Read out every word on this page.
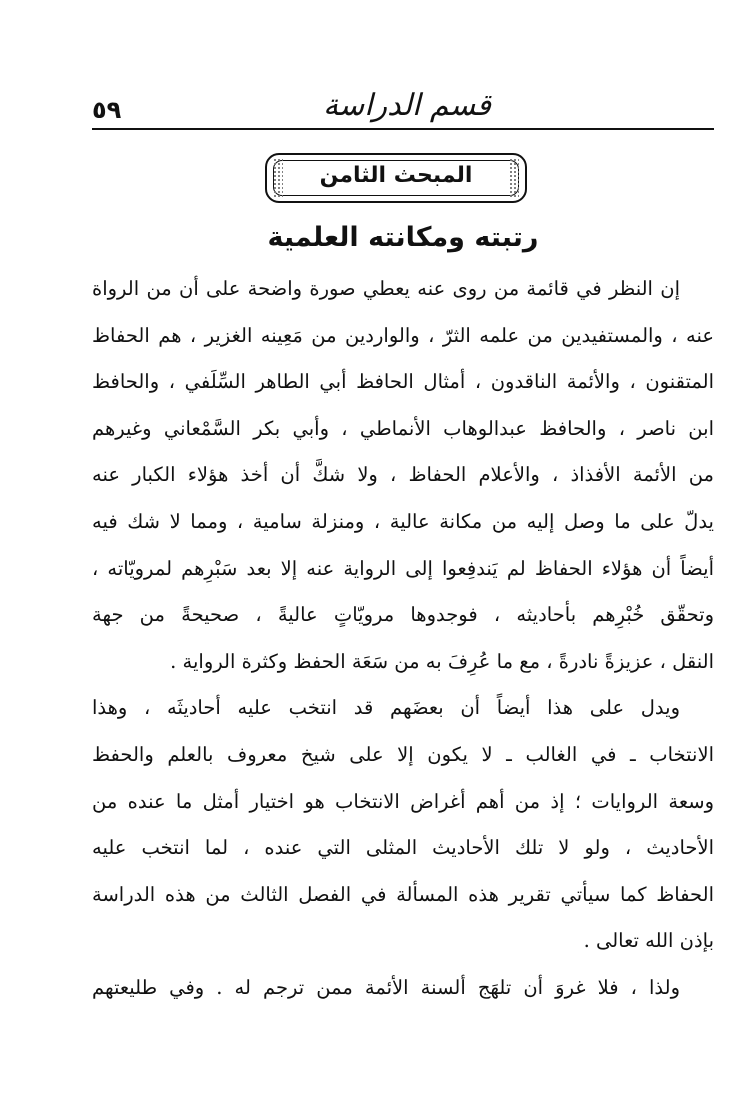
٥٩	قسم الدراسة
المبحث الثامن
رتبته ومكانته العلمية
إن النظر في قائمة من روى عنه يعطي صورة واضحة على أن من الرواة
عنه ، والمستفيدين من علمه الثرّ ، والواردين من مَعِينه الغزير ، هم الحفاظ
المتقنون ، والأئمة الناقدون ، أمثال الحافظ أبي الطاهر السِّلَفي ، والحافظ
ابن ناصر ، والحافظ عبدالوهاب الأنماطي ، وأبي بكر السَّمْعاني وغيرهم
من الأئمة الأفذاذ ، والأعلام الحفاظ ، ولا شكَّ أن أخذ هؤلاء الكبار عنه
يدلّ على ما وصل إليه من مكانة عالية ، ومنزلة سامية ، ومما لا شك فيه
أيضاً أن هؤلاء الحفاظ لم يَندفِعوا إلى الرواية عنه إلا بعد سَبْرِهم لمرويّاته ،
وتحقّق خُبْرِهم بأحاديثه ، فوجدوها مرويّاتٍ عاليةً ، صحيحةً من جهة
النقل ، عزيزةً نادرةً ، مع ما عُرِفَ به من سَعَة الحفظ وكثرة الرواية .
ويدل على هذا أيضاً أن بعضَهم قد انتخب عليه أحاديثَه ، وهذا
الانتخاب ـ في الغالب ـ لا يكون إلا على شيخ معروف بالعلم والحفظ
وسعة الروايات ؛ إذ من أهم أغراض الانتخاب هو اختيار أمثل ما عنده من
الأحاديث ، ولو لا تلك الأحاديث المثلى التي عنده ، لما انتخب عليه
الحفاظ كما سيأتي تقرير هذه المسألة في الفصل الثالث من هذه الدراسة
بإذن الله تعالى .
ولذا ، فلا غروَ أن تلهَج ألسنة الأئمة ممن ترجم له . وفي طليعتهم
